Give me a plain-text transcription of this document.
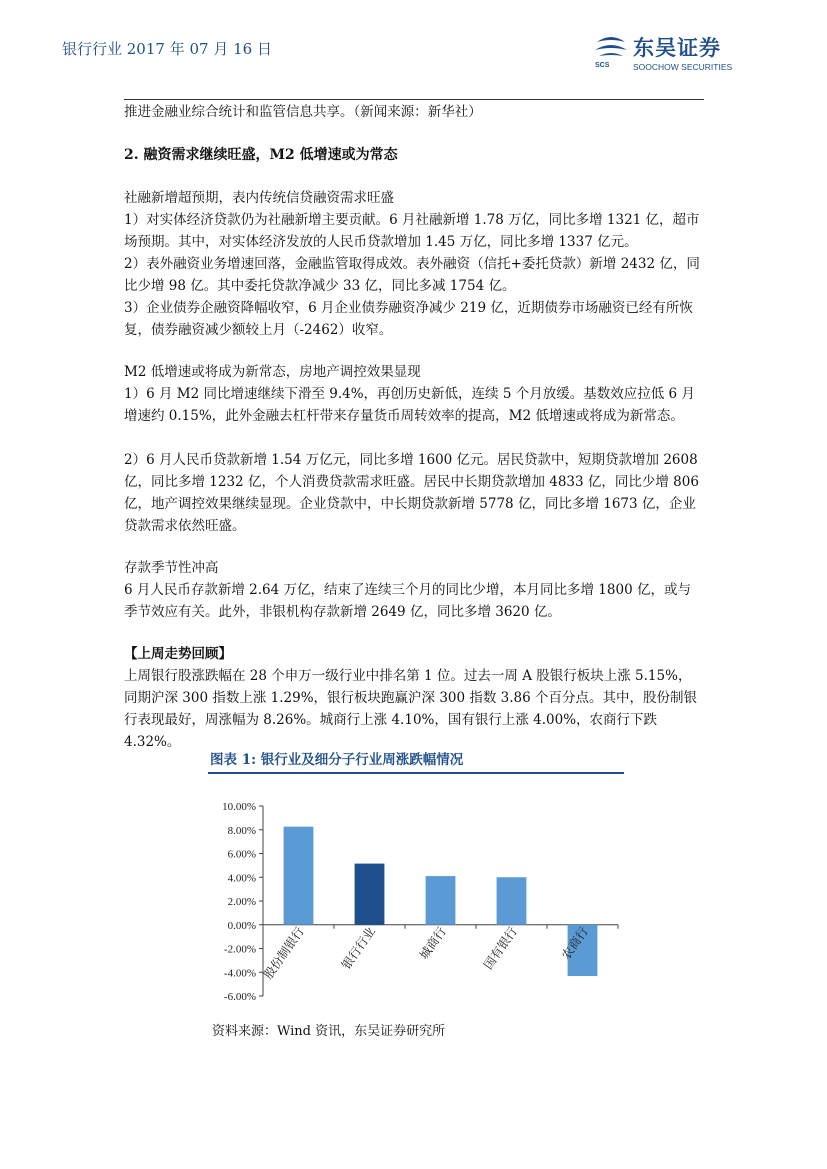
银行行业 2017 年 07 月 16 日	东吴证券
SCS	SOOCHOW SECURITIES

推进金融业综合统计和监管信息共享。（新闻来源：新华社）

2. 融资需求继续旺盛，M2 低增速或为常态

社融新增超预期，表内传统信贷融资需求旺盛

1）对实体经济贷款仍为社融新增主要贡献。6 月社融新增 1.78 万亿，同比多增 1321 亿，超市场预期。其中，对实体经济发放的人民币贷款增加 1.45 万亿，同比多增 1337 亿元。

2）表外融资业务增速回落，金融监管取得成效。表外融资（信托+委托贷款）新增 2432 亿，同比少增 98 亿。其中委托贷款净减少 33 亿，同比多减 1754 亿。

3）企业债券企融资降幅收窄，6 月企业债券融资净减少 219 亿，近期债券市场融资已经有所恢复，债券融资减少额较上月（-2462）收窄。

M2 低增速或将成为新常态，房地产调控效果显现

1）6 月 M2 同比增速继续下滑至 9.4%，再创历史新低，连续 5 个月放缓。基数效应拉低 6 月增速约 0.15%，此外金融去杠杆带来存量货币周转效率的提高，M2 低增速或将成为新常态。

2）6 月人民币贷款新增 1.54 万亿元，同比多增 1600 亿元。居民贷款中，短期贷款增加 2608 亿，同比多增 1232 亿，个人消费贷款需求旺盛。居民中长期贷款增加 4833 亿，同比少增 806 亿，地产调控效果继续显现。企业贷款中，中长期贷款新增 5778 亿，同比多增 1673 亿，企业贷款需求依然旺盛。

存款季节性冲高

6 月人民币存款新增 2.64 万亿，结束了连续三个月的同比少增，本月同比多增 1800 亿，或与季节效应有关。此外，非银机构存款新增 2649 亿，同比多增 3620 亿。

【上周走势回顾】

上周银行股涨跌幅在 28 个申万一级行业中排名第 1 位。过去一周 A 股银行板块上涨 5.15%，同期沪深 300 指数上涨 1.29%，银行板块跑赢沪深 300 指数 3.86 个百分点。其中，股份制银行表现最好，周涨幅为 8.26%。城商行上涨 4.10%，国有银行上涨 4.00%，农商行下跌 4.32%。

图表 1: 银行业及细分子行业周涨跌幅情况
10.00%
8.00%
6.00%
4.00%
2.00%
0.00%
-2.00%
-4.00%
-6.00%
股份制银行	银行行业	城商行	国有银行	农商行
资料来源：Wind 资讯，东吴证券研究所
